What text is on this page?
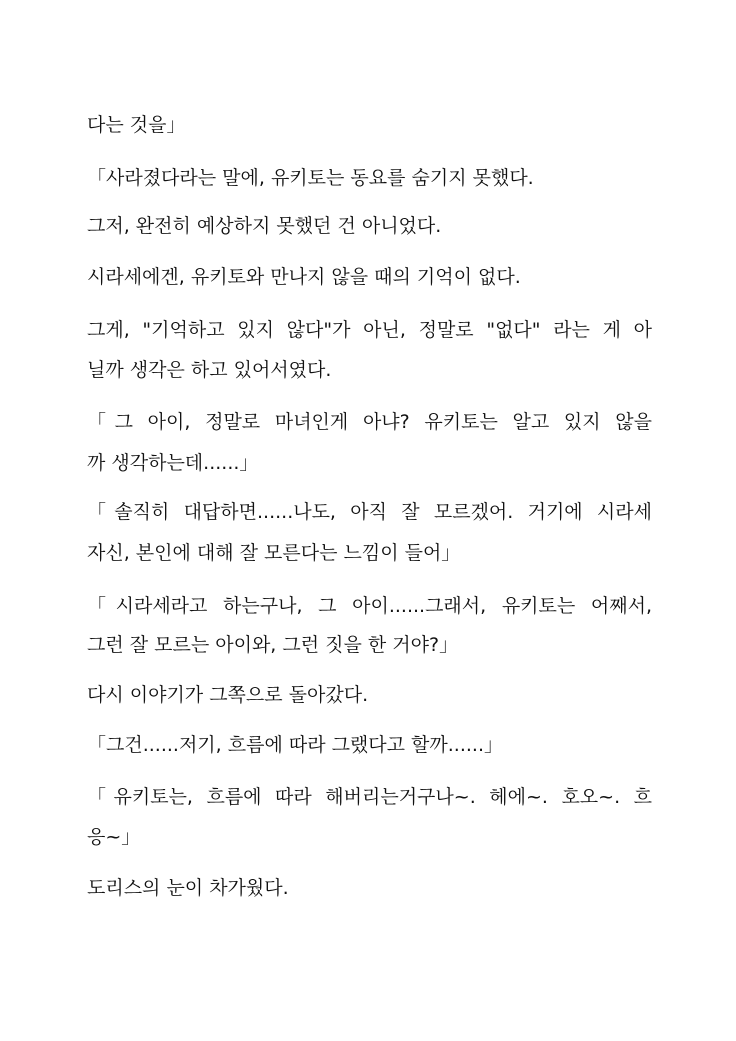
다는 것을」
「사라졌다라는 말에, 유키토는 동요를 숨기지 못했다.
그저, 완전히 예상하지 못했던 건 아니었다.
시라세에겐, 유키토와 만나지 않을 때의 기억이 없다.
그게, "기억하고 있지 않다"가 아닌, 정말로 "없다" 라는 게 아
닐까 생각은 하고 있어서였다.
「그 아이, 정말로 마녀인게 아냐? 유키토는 알고 있지 않을
까 생각하는데......」
「솔직히 대답하면......나도, 아직 잘 모르겠어. 거기에 시라세
자신, 본인에 대해 잘 모른다는 느낌이 들어」
「시라세라고 하는구나, 그 아이......그래서, 유키토는 어째서,
그런 잘 모르는 아이와, 그런 짓을 한 거야?」
다시 이야기가 그쪽으로 돌아갔다.
「그건......저기, 흐름에 따라 그랬다고 할까......」
「유키토는, 흐름에 따라 해버리는거구나~. 헤에~. 호오~. 흐
응~」
도리스의 눈이 차가웠다.
